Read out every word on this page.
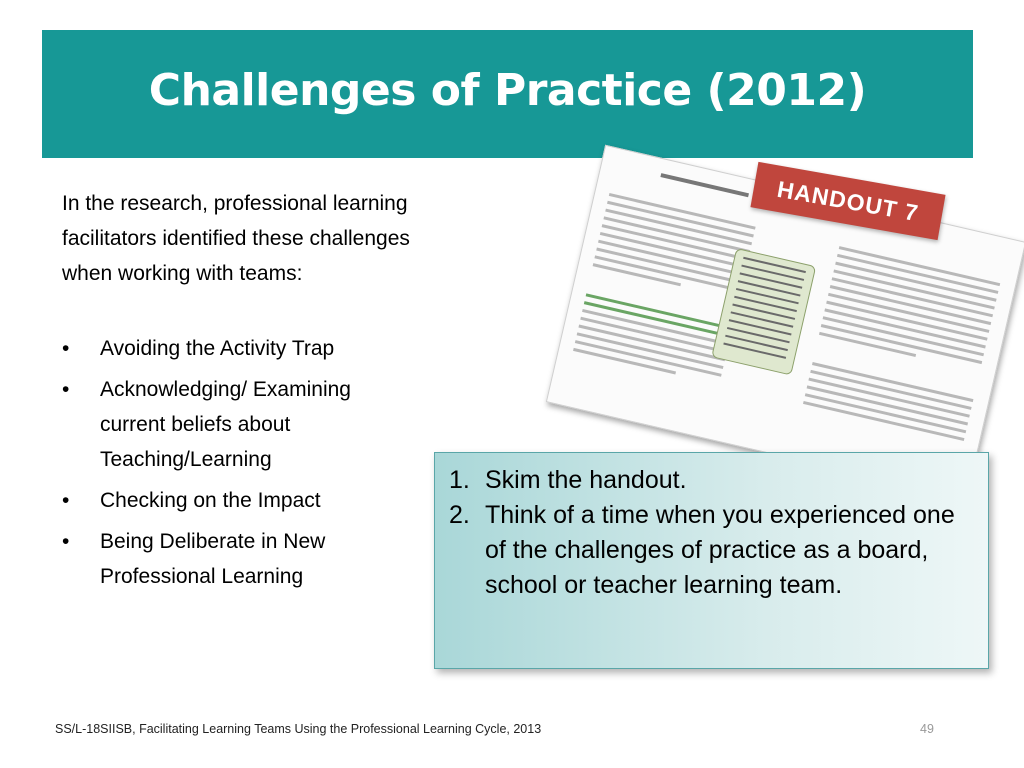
Challenges of Practice (2012)

In the research, professional learning facilitators identified these challenges when working with teams:

• Avoiding the Activity Trap
• Acknowledging/ Examining current beliefs about Teaching/Learning
• Checking on the Impact
• Being Deliberate in New Professional Learning
HANDOUT 7
1. Skim the handout.
2. Think of a time when you experienced one of the challenges of practice as a board, school or teacher learning team.
SS/L-18SIISB, Facilitating Learning Teams Using the Professional Learning Cycle, 2013	49
